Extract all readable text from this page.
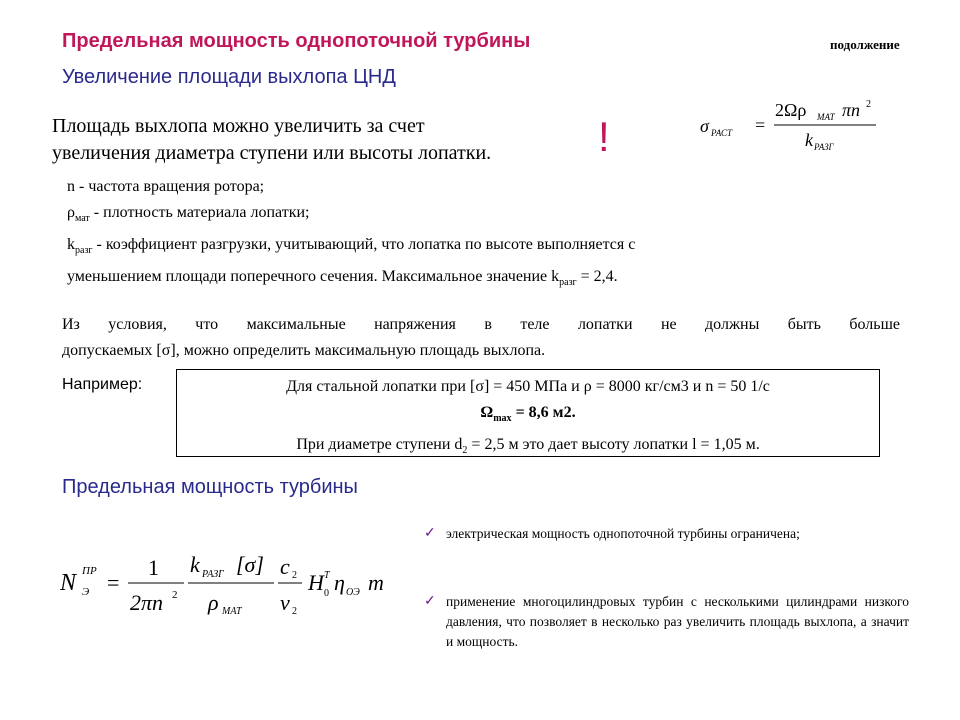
Предельная мощность однопоточной турбины	подолжение
Увеличение площади выхлопа ЦНД
Площадь выхлопа можно увеличить за счет
увеличения диаметра ступени или высоты лопатки.	!	σ РАСТ =
2Ωρ МАТ πn 2
k РАЗГ
n - частота вращения ротора;
$\rho_{мат}$ - плотность материала лопатки;
$k_{разг}$ - коэффициент разгрузки, учитывающий, что лопатка по высоте выполняется с
уменьшением площади поперечного сечения. Максимальное значение $k_{разг} = 2,4$.
Из условия, что максимальные напряжения в теле лопатки не должны быть больше
допускаемых [σ], можно определить максимальную площадь выхлопа.
Например:	Для стальной лопатки при [σ] = 450 МПа и ρ = 8000 кг/см3 и n = 50 1/с
$\Omega_{max} = 8,6$ м2.
При диаметре ступени $d_2 = 2,5$ м это дает высоту лопатки l = 1,05 м.
Предельная мощность турбины
N ПР
Э =
1
2πn 2
k РАЗГ [σ]
ρ МАТ
c 2
v 2
H T
0 η ОЭ m
✓ электрическая мощность однопоточной турбины ограничена;
✓ применение многоцилиндровых турбин с несколькими цилиндрами низкого давления, что позволяет в несколько раз увеличить площадь выхлопа, а значит и мощность.
